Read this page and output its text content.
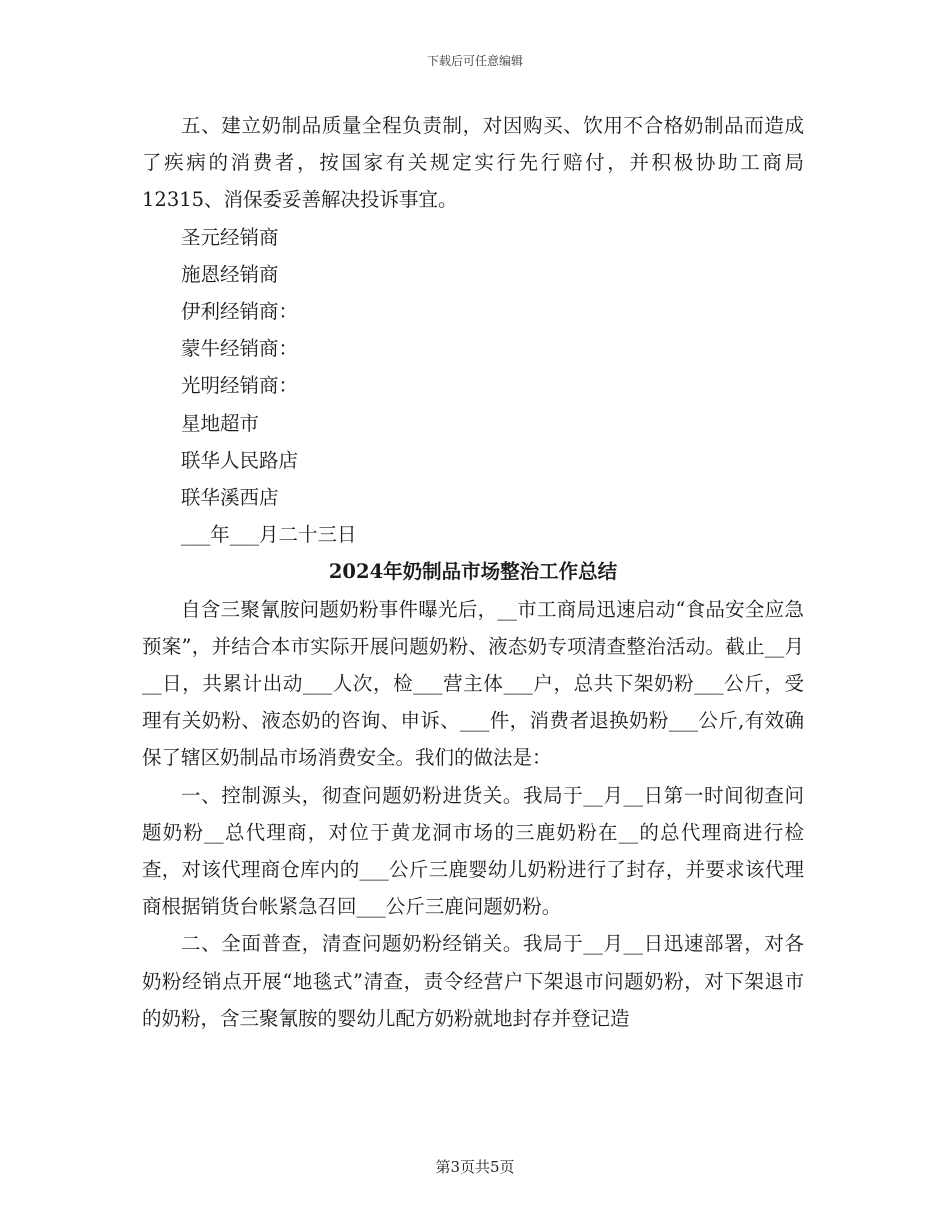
下载后可任意编辑

五、建立奶制品质量全程负责制，对因购买、饮用不合格奶制品而造成了疾病的消费者，按国家有关规定实行先行赔付，并积极协助工商局12315、消保委妥善解决投诉事宜。

圣元经销商

施恩经销商

伊利经销商：

蒙牛经销商：

光明经销商：

星地超市

联华人民路店

联华溪西店

___年___月二十三日

2024年奶制品市场整治工作总结

自含三聚氰胺问题奶粉事件曝光后，__市工商局迅速启动“食品安全应急预案”，并结合本市实际开展问题奶粉、液态奶专项清查整治活动。截止__月__日，共累计出动___人次，检___营主体___户，总共下架奶粉___公斤，受理有关奶粉、液态奶的咨询、申诉、___件，消费者退换奶粉___公斤,有效确保了辖区奶制品市场消费安全。我们的做法是：

一、控制源头，彻查问题奶粉进货关。我局于__月__日第一时间彻查问题奶粉__总代理商，对位于黄龙洞市场的三鹿奶粉在__的总代理商进行检查，对该代理商仓库内的___公斤三鹿婴幼儿奶粉进行了封存，并要求该代理商根据销货台帐紧急召回___公斤三鹿问题奶粉。

二、全面普查，清查问题奶粉经销关。我局于__月__日迅速部署，对各奶粉经销点开展“地毯式”清查，责令经营户下架退市问题奶粉，对下架退市的奶粉，含三聚氰胺的婴幼儿配方奶粉就地封存并登记造

第3页共5页
